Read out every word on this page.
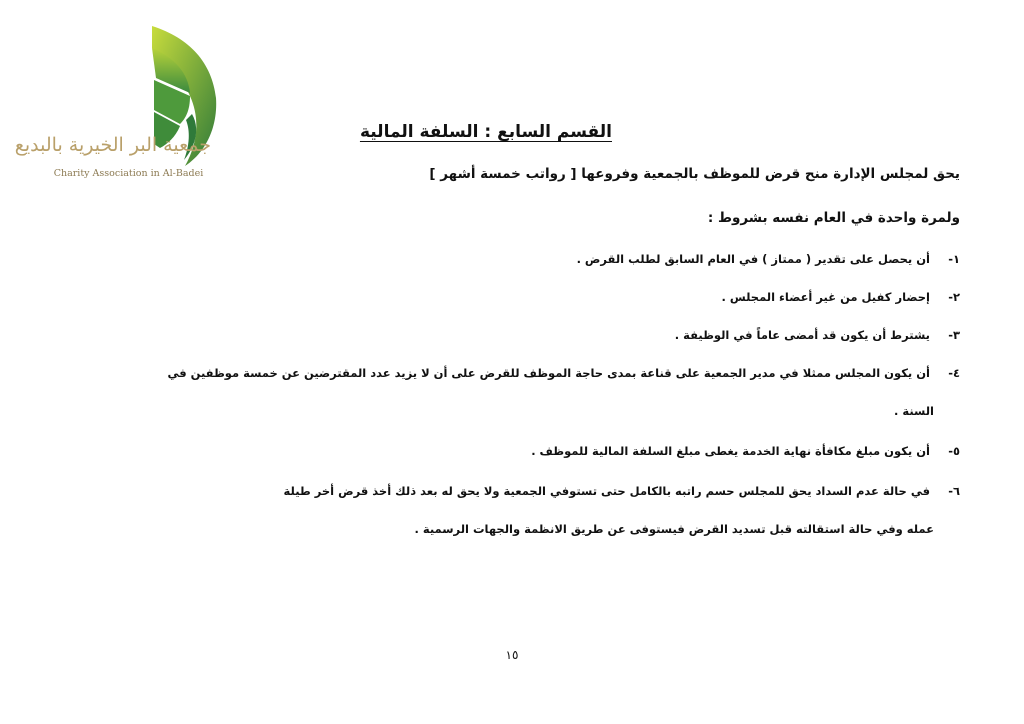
جمعية البر الخيرية بالبديع
Charity Association in Al-Badei
القسم السابع : السلفة المالية
يحق لمجلس الإدارة منح قرض للموظف بالجمعية وفروعها [ رواتب خمسة أشهر ]
ولمرة واحدة في العام نفسه بشروط :
١- أن يحصل على تقدير ( ممتاز ) في العام السابق لطلب القرض .
٢- إحضار كفيل من غير أعضاء المجلس .
٣- يشترط أن يكون قد أمضى عاماً في الوظيفة .
٤- أن يكون المجلس ممثلا في مدير الجمعية على قناعة بمدى حاجة الموظف للقرض على أن لا يزيد عدد المقترضين عن خمسة موظفين في
السنة .
٥- أن يكون مبلغ مكافأة نهاية الخدمة يغطى مبلغ السلفة المالية للموظف .
٦- في حالة عدم السداد يحق للمجلس حسم راتبه بالكامل حتى تستوفي الجمعية ولا يحق له بعد ذلك أخذ قرض أخر طيلة
عمله وفي حالة استقالته قبل تسديد القرض فيستوفى عن طريق الانظمة والجهات الرسمية .
١٥
